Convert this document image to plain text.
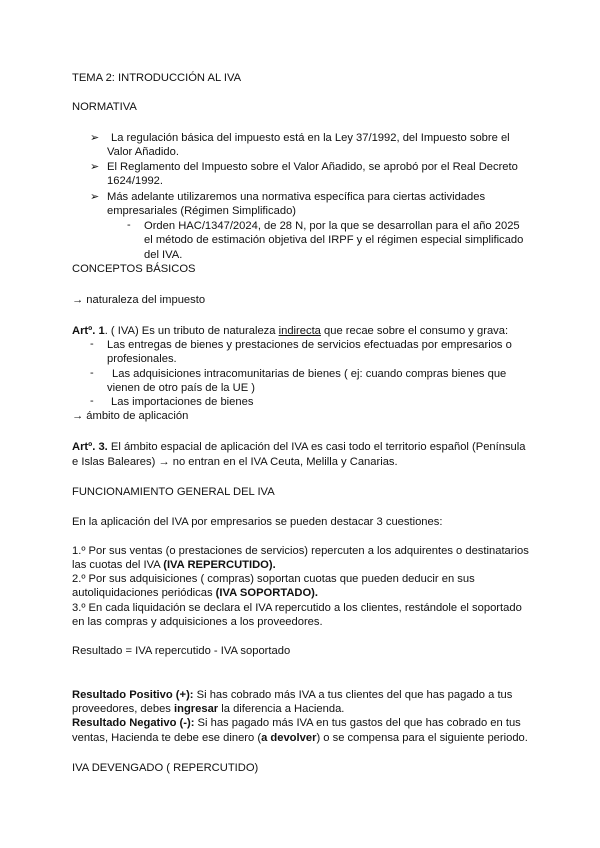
TEMA 2: INTRODUCCIÓN AL IVA
NORMATIVA
➢ La regulación básica del impuesto está en la Ley 37/1992, del Impuesto sobre el
Valor Añadido.
➢ El Reglamento del Impuesto sobre el Valor Añadido, se aprobó por el Real Decreto
1624/1992.
➢ Más adelante utilizaremos una normativa específica para ciertas actividades
empresariales (Régimen Simplificado)
- Orden HAC/1347/2024, de 28 N, por la que se desarrollan para el año 2025
el método de estimación objetiva del IRPF y el régimen especial simplificado
del IVA.
CONCEPTOS BÁSICOS
→ naturaleza del impuesto
Artº. 1. ( IVA) Es un tributo de naturaleza indirecta que recae sobre el consumo y grava:
- Las entregas de bienes y prestaciones de servicios efectuadas por empresarios o
profesionales.
- Las adquisiciones intracomunitarias de bienes ( ej: cuando compras bienes que
vienen de otro país de la UE )
- Las importaciones de bienes
→ ámbito de aplicación
Artº. 3. El ámbito espacial de aplicación del IVA es casi todo el territorio español (Península
e Islas Baleares) → no entran en el IVA Ceuta, Melilla y Canarias.
FUNCIONAMIENTO GENERAL DEL IVA
En la aplicación del IVA por empresarios se pueden destacar 3 cuestiones:
1.º Por sus ventas (o prestaciones de servicios) repercuten a los adquirentes o destinatarios
las cuotas del IVA (IVA REPERCUTIDO).
2.º Por sus adquisiciones ( compras) soportan cuotas que pueden deducir en sus
autoliquidaciones periódicas (IVA SOPORTADO).
3.º En cada liquidación se declara el IVA repercutido a los clientes, restándole el soportado
en las compras y adquisiciones a los proveedores.
Resultado = IVA repercutido - IVA soportado
Resultado Positivo (+): Si has cobrado más IVA a tus clientes del que has pagado a tus
proveedores, debes ingresar la diferencia a Hacienda.
Resultado Negativo (-): Si has pagado más IVA en tus gastos del que has cobrado en tus
ventas, Hacienda te debe ese dinero (a devolver) o se compensa para el siguiente periodo.
IVA DEVENGADO ( REPERCUTIDO)
